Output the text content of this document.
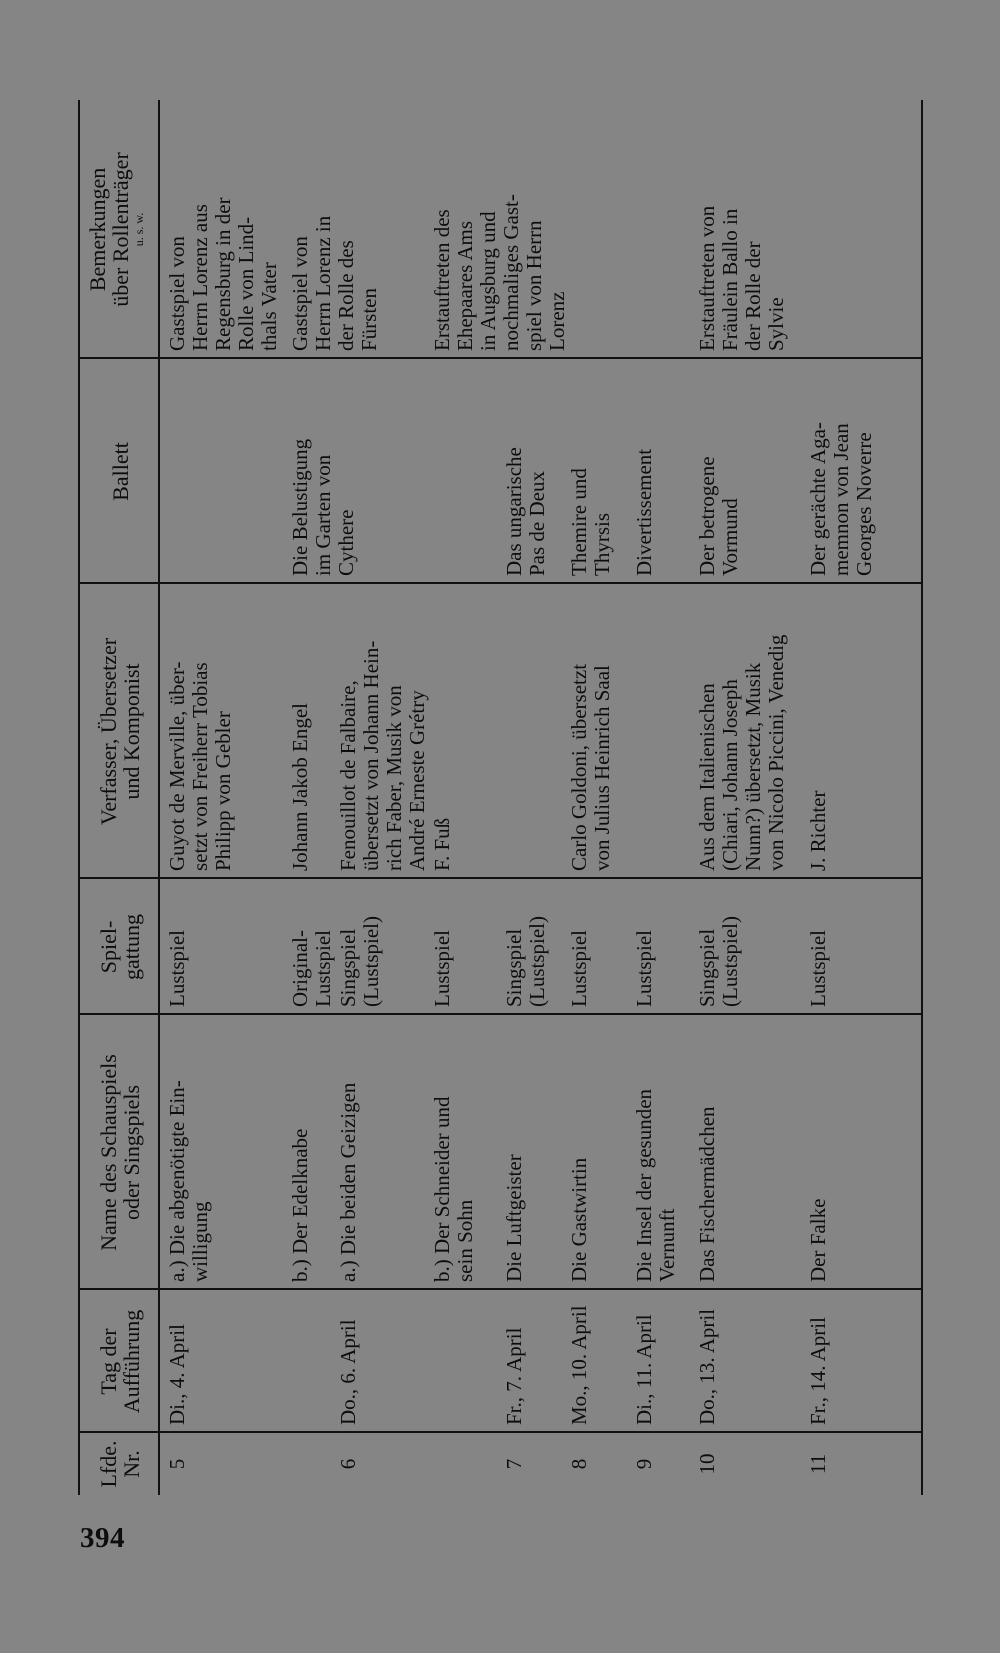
394
Lfde.
Nr.
Tag der
Aufführung
Name des Schauspiels
oder Singspiels
Spiel-
gattung
Verfasser, Übersetzer
und Komponist
Ballett
Bemerkungen
über Rollenträger u. s. w.
5
Di., 4. April
a.) Die abgenötigte Ein- willigung
Lustspiel
Guyot de Merville, über- setzt von Freiherr Tobias Philipp von Gebler
Gastspiel von Herrn Lorenz aus Regensburg in der Rolle von Lind- thals Vater
b.) Der Edelknabe
Original- Lustspiel
Johann Jakob Engel
Die Belustigung im Garten von Cythere
Gastspiel von Herrn Lorenz in der Rolle des Fürsten
6
Do., 6. April
a.) Die beiden Geizigen
Singspiel (Lustspiel)
Fenouillot de Falbaire, übersetzt von Johann Hein- rich Faber, Musik von André Erneste Grétry
b.) Der Schneider und sein Sohn
Lustspiel
F. Fuß
Erstauftreten des Ehepaares Ams in Augsburg und nochmaliges Gast- spiel von Herrn Lorenz
7
Fr., 7. April
Die Luftgeister
Singspiel (Lustspiel)
Das ungarische Pas de Deux
8
Mo., 10. April
Die Gastwirtin
Lustspiel
Carlo Goldoni, übersetzt von Julius Heinrich Saal
Themire und Thyrsis
9
Di., 11. April
Die Insel der gesunden Vernunft
Lustspiel
Divertissement
10
Do., 13. April
Das Fischermädchen
Singspiel (Lustspiel)
Aus dem Italienischen (Chiari, Johann Joseph Nunn?) übersetzt, Musik von Nicolo Piccini, Venedig
Der betrogene Vormund
Erstauftreten von Fräulein Ballo in der Rolle der Sylvie
11
Fr., 14. April
Der Falke
Lustspiel
J. Richter
Der gerächte Aga- memnon von Jean Georges Noverre
